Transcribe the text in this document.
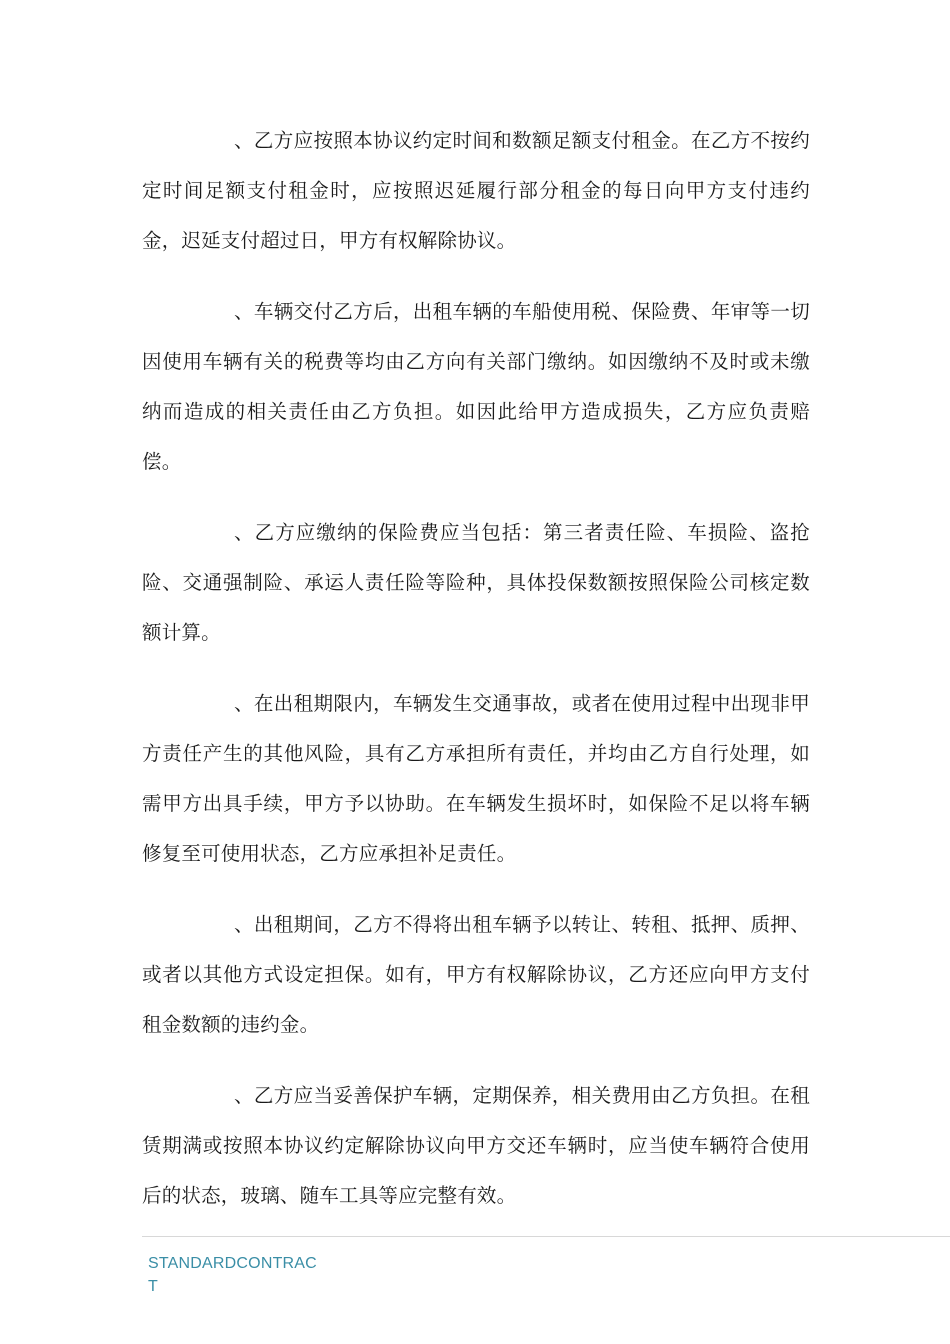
、乙方应按照本协议约定时间和数额足额支付租金。在乙方不按约定时间足额支付租金时，应按照迟延履行部分租金的每日向甲方支付违约金，迟延支付超过日，甲方有权解除协议。

、车辆交付乙方后，出租车辆的车船使用税、保险费、年审等一切因使用车辆有关的税费等均由乙方向有关部门缴纳。如因缴纳不及时或未缴纳而造成的相关责任由乙方负担。如因此给甲方造成损失，乙方应负责赔偿。

、乙方应缴纳的保险费应当包括：第三者责任险、车损险、盗抢险、交通强制险、承运人责任险等险种，具体投保数额按照保险公司核定数额计算。

、在出租期限内，车辆发生交通事故，或者在使用过程中出现非甲方责任产生的其他风险，具有乙方承担所有责任，并均由乙方自行处理，如需甲方出具手续，甲方予以协助。在车辆发生损坏时，如保险不足以将车辆修复至可使用状态，乙方应承担补足责任。

、出租期间，乙方不得将出租车辆予以转让、转租、抵押、质押、或者以其他方式设定担保。如有，甲方有权解除协议，乙方还应向甲方支付租金数额的违约金。

、乙方应当妥善保护车辆，定期保养，相关费用由乙方负担。在租赁期满或按照本协议约定解除协议向甲方交还车辆时，应当使车辆符合使用后的状态，玻璃、随车工具等应完整有效。

STANDARDCONTRACT
